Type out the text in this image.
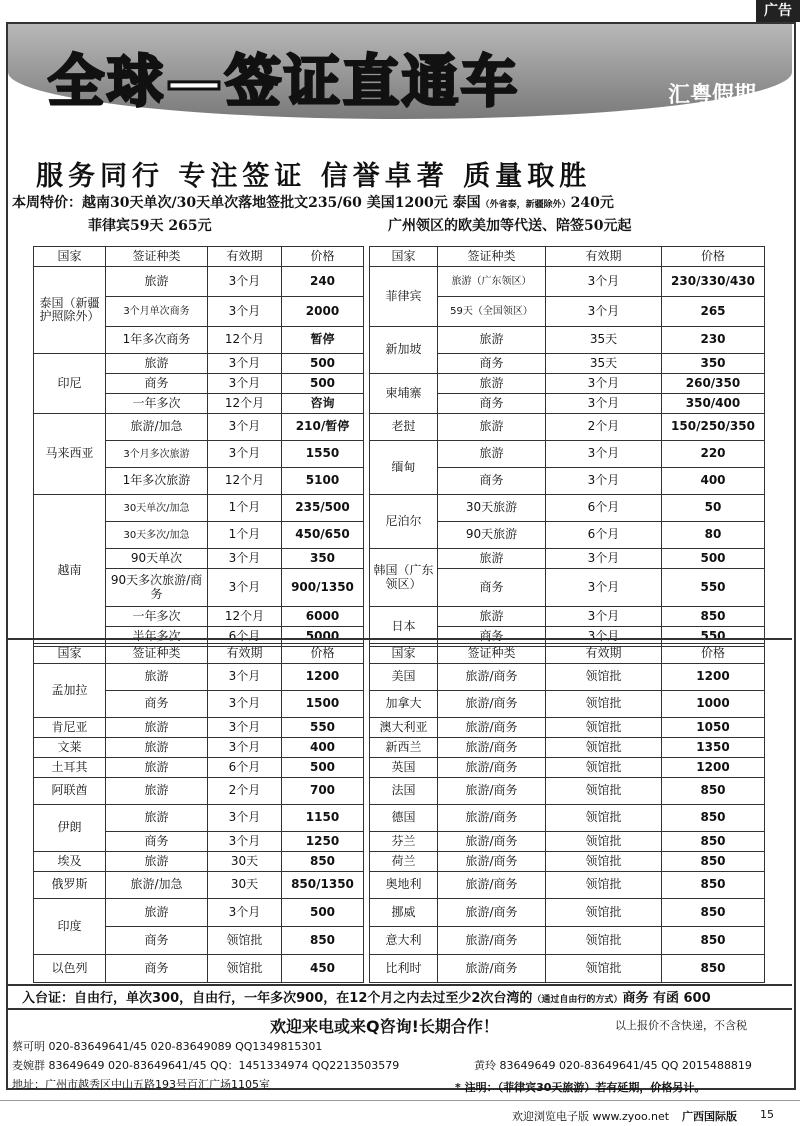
广告
全球—签证直通车	汇粤假期
服务同行 专注签证 信誉卓著 质量取胜
本周特价：越南30天单次/30天单次落地签批文235/60 美国1200元 泰国（外省泰，新疆除外）240元
菲律宾59天 265元	广州领区的欧美加等代送、陪签50元起
国家	签证种类	有效期	价格
泰国（新疆护照除外）	旅游	3个月	240
	3个月单次商务	3个月	2000
	1年多次商务	12个月	暂停
印尼	旅游	3个月	500
	商务	3个月	500
	一年多次	12个月	咨询
马来西亚	旅游/加急	3个月	210/暂停
	3个月多次旅游	3个月	1550
	1年多次旅游	12个月	5100
越南	30天单次/加急	1个月	235/500
	30天多次/加急	1个月	450/650
	90天单次	3个月	350
	90天多次旅游/商务	3个月	900/1350
	一年多次	12个月	6000
	半年多次	6个月	5000
国家	签证种类	有效期	价格
菲律宾	旅游（广东领区）	3个月	230/330/430
	59天（全国领区）	3个月	265
新加坡	旅游	35天	230
	商务	35天	350
柬埔寨	旅游	3个月	260/350
	商务	3个月	350/400
老挝	旅游	2个月	150/250/350
缅甸	旅游	3个月	220
	商务	3个月	400
尼泊尔	30天旅游	6个月	50
	90天旅游	6个月	80
韩国（广东领区）	旅游	3个月	500
	商务	3个月	550
日本	旅游	3个月	850
	商务	3个月	550
国家	签证种类	有效期	价格
孟加拉	旅游	3个月	1200
	商务	3个月	1500
肯尼亚	旅游	3个月	550
文莱	旅游	3个月	400
土耳其	旅游	6个月	500
阿联酋	旅游	2个月	700
伊朗	旅游	3个月	1150
	商务	3个月	1250
埃及	旅游	30天	850
俄罗斯	旅游/加急	30天	850/1350
印度	旅游	3个月	500
	商务	领馆批	850
以色列	商务	领馆批	450
国家	签证种类	有效期	价格
美国	旅游/商务	领馆批	1200
加拿大	旅游/商务	领馆批	1000
澳大利亚	旅游/商务	领馆批	1050
新西兰	旅游/商务	领馆批	1350
英国	旅游/商务	领馆批	1200
法国	旅游/商务	领馆批	850
德国	旅游/商务	领馆批	850
芬兰	旅游/商务	领馆批	850
荷兰	旅游/商务	领馆批	850
奥地利	旅游/商务	领馆批	850
挪威	旅游/商务	领馆批	850
意大利	旅游/商务	领馆批	850
比利时	旅游/商务	领馆批	850
入台证：自由行，单次300，自由行，一年多次900，在12个月之内去过至少2次台湾的（通过自由行的方式）商务 有函 600
欢迎来电或来Q咨询!长期合作！	以上报价不含快递，不含税
蔡可明 020-83649641/45 020-83649089 QQ1349815301
麦婉群 83649649 020-83649641/45 QQ：1451334974 QQ2213503579	黄玲 83649649 020-83649641/45 QQ 2015488819
地址：广州市越秀区中山五路193号百汇广场1105室	* 注明：（菲律宾30天旅游）若有延期，价格另计。
欢迎浏览电子版 www.zyoo.net 广西国际版 15
